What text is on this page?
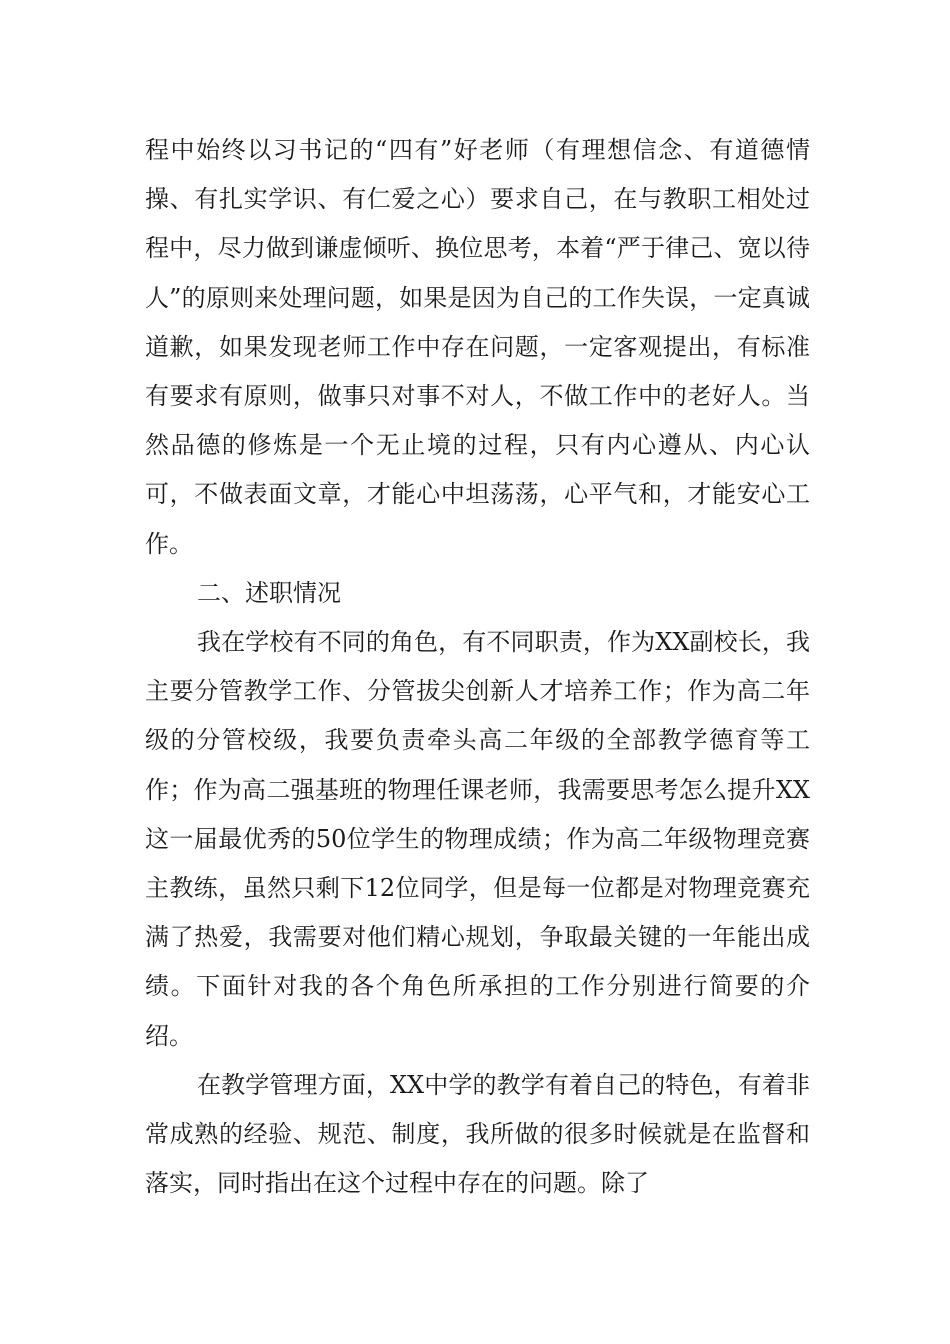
程中始终以习书记的“四有”好老师（有理想信念、有道德情操、有扎实学识、有仁爱之心）要求自己，在与教职工相处过程中，尽力做到谦虚倾听、换位思考，本着“严于律己、宽以待人”的原则来处理问题，如果是因为自己的工作失误，一定真诚道歉，如果发现老师工作中存在问题，一定客观提出，有标准有要求有原则，做事只对事不对人，不做工作中的老好人。当然品德的修炼是一个无止境的过程，只有内心遵从、内心认可，不做表面文章，才能心中坦荡荡，心平气和，才能安心工作。

二、述职情况

我在学校有不同的角色，有不同职责，作为XX副校长，我主要分管教学工作、分管拔尖创新人才培养工作；作为高二年级的分管校级，我要负责牵头高二年级的全部教学德育等工作；作为高二强基班的物理任课老师，我需要思考怎么提升XX这一届最优秀的50位学生的物理成绩；作为高二年级物理竞赛主教练，虽然只剩下12位同学，但是每一位都是对物理竞赛充满了热爱，我需要对他们精心规划，争取最关键的一年能出成绩。下面针对我的各个角色所承担的工作分别进行简要的介绍。

在教学管理方面，XX中学的教学有着自己的特色，有着非常成熟的经验、规范、制度，我所做的很多时候就是在监督和落实，同时指出在这个过程中存在的问题。除了
